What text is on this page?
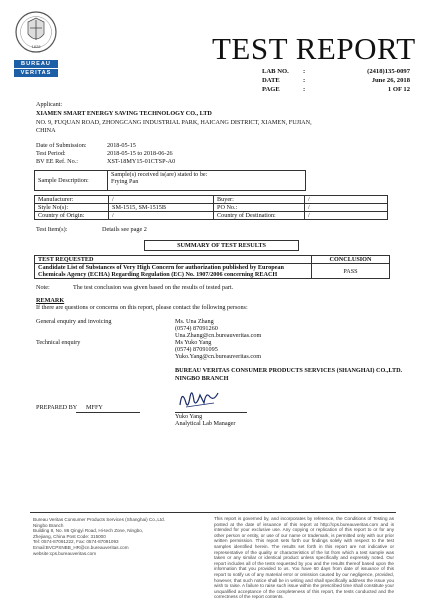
1828
BUREAU
VERITAS
TEST REPORT
LAB NO. :	(2418)135-0097
DATE	:	June 26, 2018
PAGE	:	1 OF 12
Applicant:
XIAMEN SMART ENERGY SAVING TECHNOLOGY CO., LTD
NO. 9, FUQUAN ROAD, ZHONGCANG INDUSTRIAL PARK, HAICANG DISTRICT, XIAMEN, FUJIAN,
CHINA
Date of Submission:	2018-05-15
Test Period:	2018-05-15 to 2018-06-26
BV EE Ref. No.:	XST-18MY15-01CTSP-A0
Sample Description:	
Sample(s) received is(are) stated to be:
Frying Pan
Manufacturer:	/	Buyer:	/
Style No(s):	SM-1515, SM-1515B	PO No.:	/
Country of Origin:	/	Country of Destination:	/
Test Item(s):	Details see page 2
SUMMARY OF TEST RESULTS
TEST REQUESTED	CONCLUSION

Candidate List of Substances of Very High Concern for authorization published by European
Chemicals Agency (ECHA) Regarding Regulation (EC) No. 1907/2006 concerning REACH	PASS
Note:	The test conclusion was given based on the results of tested part.
REMARK
If there are questions or concerns on this report, please contact the following persons:
General enquiry and invoicing	Ms. Una Zhang
(0574) 87091260
Una.Zhang@cn.bureauveritas.com
Technical enquiry	Ms Yuko Yang
(0574) 87091095
Yuko.Yang@cn.bureauveritas.com
BUREAU VERITAS CONSUMER PRODUCTS SERVICES (SHANGHAI) CO.,LTD.
NINGBO BRANCH
PREPARED BY MFFY
Yuko Yang
Analytical Lab Manager
Bureau Veritas Consumer Products Services (Shanghai) Co.,Ltd.
Ningbo Branch
Building 8, No. 86 Qingyi Road, Hi-tech Zone, Ningbo,
Zhejiang, China Post Code: 315000
Tel: 0574-87091222, Fax: 0574-87091093
Email:BVCPSNBB_HR@cn.bureauveritas.com
website:cps.bureauveritas.com
This report is governed by, and incorporates by reference, the Conditions of Testing as posted at the date of issuance of this report at http://cps.bureauveritas.com and is intended for your exclusive use. Any copying or replication of this report to or for any other person or entity, or use of our name or trademark, is permitted only with our prior written permission. This report sets forth our findings solely with respect to the test samples identified herein. The results set forth in this report are not indicative or representative of the quality or characteristics of the lot from which a test sample was taken or any similar or identical product unless specifically and expressly noted. Our report includes all of the tests requested by you and the results thereof based upon the information that you provided to us. You have 60 days from date of issuance of this report to notify us of any material error or omission caused by our negligence, provided, however, that such notice shall be in writing and shall specifically address the issue you wish to raise. A failure to raise such issue within the prescribed time shall constitute your unqualified acceptance of the completeness of this report, the tests conducted and the correctness of the report contents.
